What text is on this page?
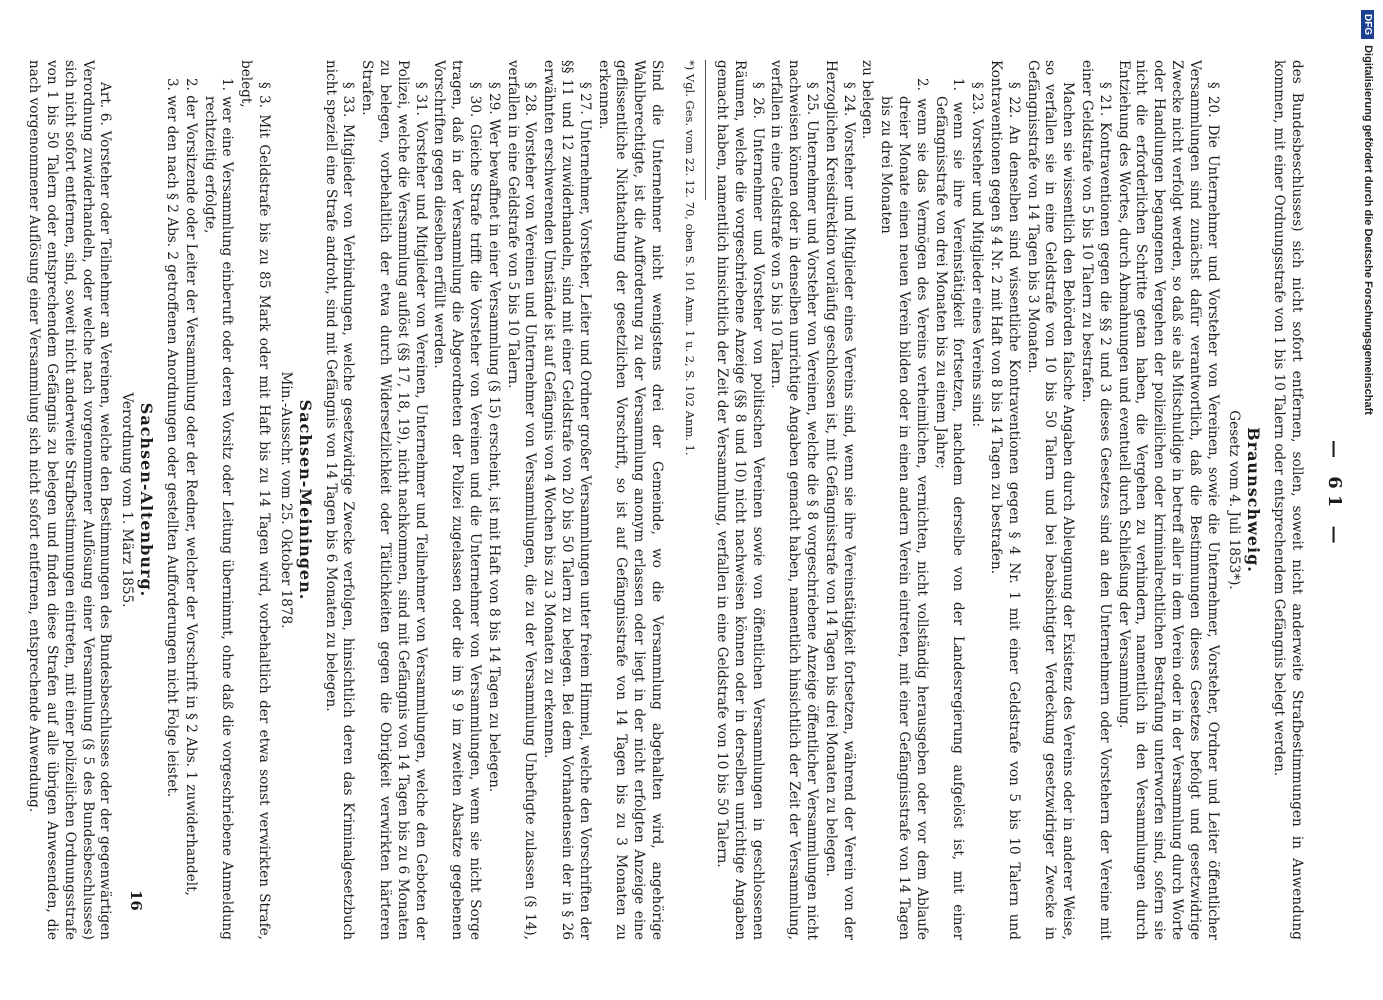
— 61 —

des Bundesbeschlusses) sich nicht sofort entfernen, sollen, soweit nicht anderweite Strafbestimmungen in Anwendung kommen, mit einer Ordnungsstrafe von 1 bis 10 Talern oder entsprechendem Gefängnis belegt werden.

Braunschweig.
Gesetz vom 4. Juli 1853*).

§ 20. Die Unternehmer und Vorsteher von Vereinen, sowie die Unternehmer, Vorsteher, Ordner und Leiter öffentlicher Versammlungen sind zunächst dafür verantwortlich, daß die Bestimmungen dieses Gesetzes befolgt und gesetzwidrige Zwecke nicht verfolgt werden, so daß sie als Mitschuldige in betreff aller in dem Verein oder in der Versammlung durch Worte oder Handlungen begangenen Vergehen der polizeilichen oder kriminalrechtlichen Bestrafung unterworfen sind, sofern sie nicht die erforderlichen Schritte getan haben, die Vergehen zu verhindern, namentlich in den Versammlungen durch Entziehung des Wortes, durch Abmahnungen und eventuell durch Schließung der Versammlung.

§ 21. Kontraventionen gegen die §§ 2 und 3 dieses Gesetzes sind an den Unternehmern oder Vorstehern der Vereine mit einer Geldstrafe von 5 bis 10 Talern zu bestrafen.

Machen sie wissentlich den Behörden falsche Angaben durch Ableugnung der Existenz des Vereins oder in anderer Weise, so verfallen sie in eine Geldstrafe von 10 bis 50 Talern und bei beabsichtigter Verdeckung gesetzwidriger Zwecke in Gefängnisstrafe von 14 Tagen bis 3 Monaten.

§ 22. An denselben sind wissentliche Kontraventionen gegen § 4 Nr. 1 mit einer Geldstrafe von 5 bis 10 Talern und Kontraventionen gegen § 4 Nr. 2 mit Haft von 8 bis 14 Tagen zu bestrafen.

§ 23. Vorsteher und Mitglieder eines Vereins sind:

1. wenn sie ihre Vereinstätigkeit fortsetzen, nachdem derselbe von der Landesregierung aufgelöst ist, mit einer Gefängnisstrafe von drei Monaten bis zu einem Jahre;

2. wenn sie das Vermögen des Vereins verheimlichen, vernichten, nicht vollständig herausgeben oder vor dem Ablaufe dreier Monate einen neuen Verein bilden oder in einen andern Verein eintreten, mit einer Gefängnisstrafe von 14 Tagen bis zu drei Monaten

zu belegen.

§ 24. Vorsteher und Mitglieder eines Vereins sind, wenn sie ihre Vereinstätigkeit fortsetzen, während der Verein von der Herzoglichen Kreisdirektion vorläufig geschlossen ist, mit Gefängnisstrafe von 14 Tagen bis drei Monaten zu belegen.

§ 25. Unternehmer und Vorsteher von Vereinen, welche die § 8 vorgeschriebene Anzeige öffentlicher Versammlungen nicht nachweisen können oder in denselben unrichtige Angaben gemacht haben, namentlich hinsichtlich der Zeit der Versammlung, verfallen in eine Geldstrafe von 5 bis 10 Talern.

§ 26. Unternehmer und Vorsteher von politischen Vereinen sowie von öffentlichen Versammlungen in geschlossenen Räumen, welche die vorgeschriebene Anzeige (§§ 8 und 10) nicht nachweisen können oder in derselben unrichtige Angaben gemacht haben, namentlich hinsichtlich der Zeit der Versammlung, verfallen in eine Geldstrafe von 10 bis 50 Talern.

*) Vgl. Ges. vom 22. 12. 70, oben S. 101 Anm. 1 u. 2, S. 102 Anm. 1.

Sind die Unternehmer nicht wenigstens drei der Gemeinde, wo die Versammlung abgehalten wird, angehörige Wahlberechtigte, ist die Aufforderung zu der Versammlung anonym erlassen oder liegt in der nicht erfolgten Anzeige eine geflissentliche Nichtachtung der gesetzlichen Vorschrift, so ist auf Gefängnisstrafe von 14 Tagen bis zu 3 Monaten zu erkennen.

§ 27. Unternehmer, Vorsteher, Leiter und Ordner großer Versammlungen unter freiem Himmel, welche den Vorschriften der §§ 11 und 12 zuwiderhandeln, sind mit einer Geldstrafe von 20 bis 50 Talern zu belegen. Bei dem Vorhandensein der in § 26 erwähnten erschwerenden Umstände ist auf Gefängnis von 4 Wochen bis zu 3 Monaten zu erkennen.

§ 28. Vorsteher von Vereinen und Unternehmer von Versammlungen, die zu der Versammlung Unbefugte zulassen (§ 14), verfallen in eine Geldstrafe von 5 bis 10 Talern.

§ 29. Wer bewaffnet in einer Versammlung (§ 15) erscheint, ist mit Haft von 8 bis 14 Tagen zu belegen.

§ 30. Gleiche Strafe trifft die Vorsteher von Vereinen und die Unternehmer von Versammlungen, wenn sie nicht Sorge tragen, daß in der Versammlung die Abgeordneten der Polizei zugelassen oder die im § 9 im zweiten Absatze gegebenen Vorschriften gegen dieselben erfüllt werden.

§ 31. Vorsteher und Mitglieder von Vereinen, Unternehmer und Teilnehmer von Versammlungen, welche den Geboten der Polizei, welche die Versammlung auflöst (§§ 17, 18, 19), nicht nachkommen, sind mit Gefängnis von 14 Tagen bis zu 6 Monaten zu belegen, vorbehaltlich der etwa durch Widersetzlichkeit oder Tätlichkeiten gegen die Obrigkeit verwirkten härteren Strafen.

§ 33. Mitglieder von Verbindungen, welche gesetzwidrige Zwecke verfolgen, hinsichtlich deren das Kriminalgesetzbuch nicht speziell eine Strafe androht, sind mit Gefängnis von 14 Tagen bis 6 Monaten zu belegen.

Sachsen-Meiningen.
Min.-Ausschr. vom 25. Oktober 1878.

§ 3. Mit Geldstrafe bis zu 85 Mark oder mit Haft bis zu 14 Tagen wird, vorbehaltlich der etwa sonst verwirkten Strafe, belegt,

1. wer eine Versammlung einberuft oder deren Vorsitz oder Leitung übernimmt, ohne daß die vorgeschriebene Anmeldung rechtzeitig erfolgte,

2. der Vorsitzende oder Leiter der Versammlung oder der Redner, welcher der Vorschrift in § 2 Abs. 1 zuwiderhandelt,

3. wer den nach § 2 Abs. 2 getroffenen Anordnungen oder gestellten Aufforderungen nicht Folge leistet.

Sachsen-Altenburg.
Verordnung vom 1. März 1855.

Art. 6. Vorsteher oder Teilnehmer an Vereinen, welche den Bestimmungen des Bundesbeschlusses oder der gegenwärtigen Verordnung zuwiderhandeln, oder welche nach vorgenommener Auflösung einer Versammlung (§ 5 des Bundesbeschlusses) sich nicht sofort entfernen, sind, soweit nicht anderweite Strafbestimmungen eintreten, mit einer polizeilichen Ordnungsstrafe von 1 bis 50 Talern oder entsprechendem Gefängnis zu belegen und finden diese Strafen auf alle übrigen Anwesenden, die nach vorgenommener Auflösung einer Versammlung sich nicht sofort entfernen, entsprechende Anwendung.

16
DFG
Digitalisierung gefördert durch die Deutsche Forschungsgemeinschaft
